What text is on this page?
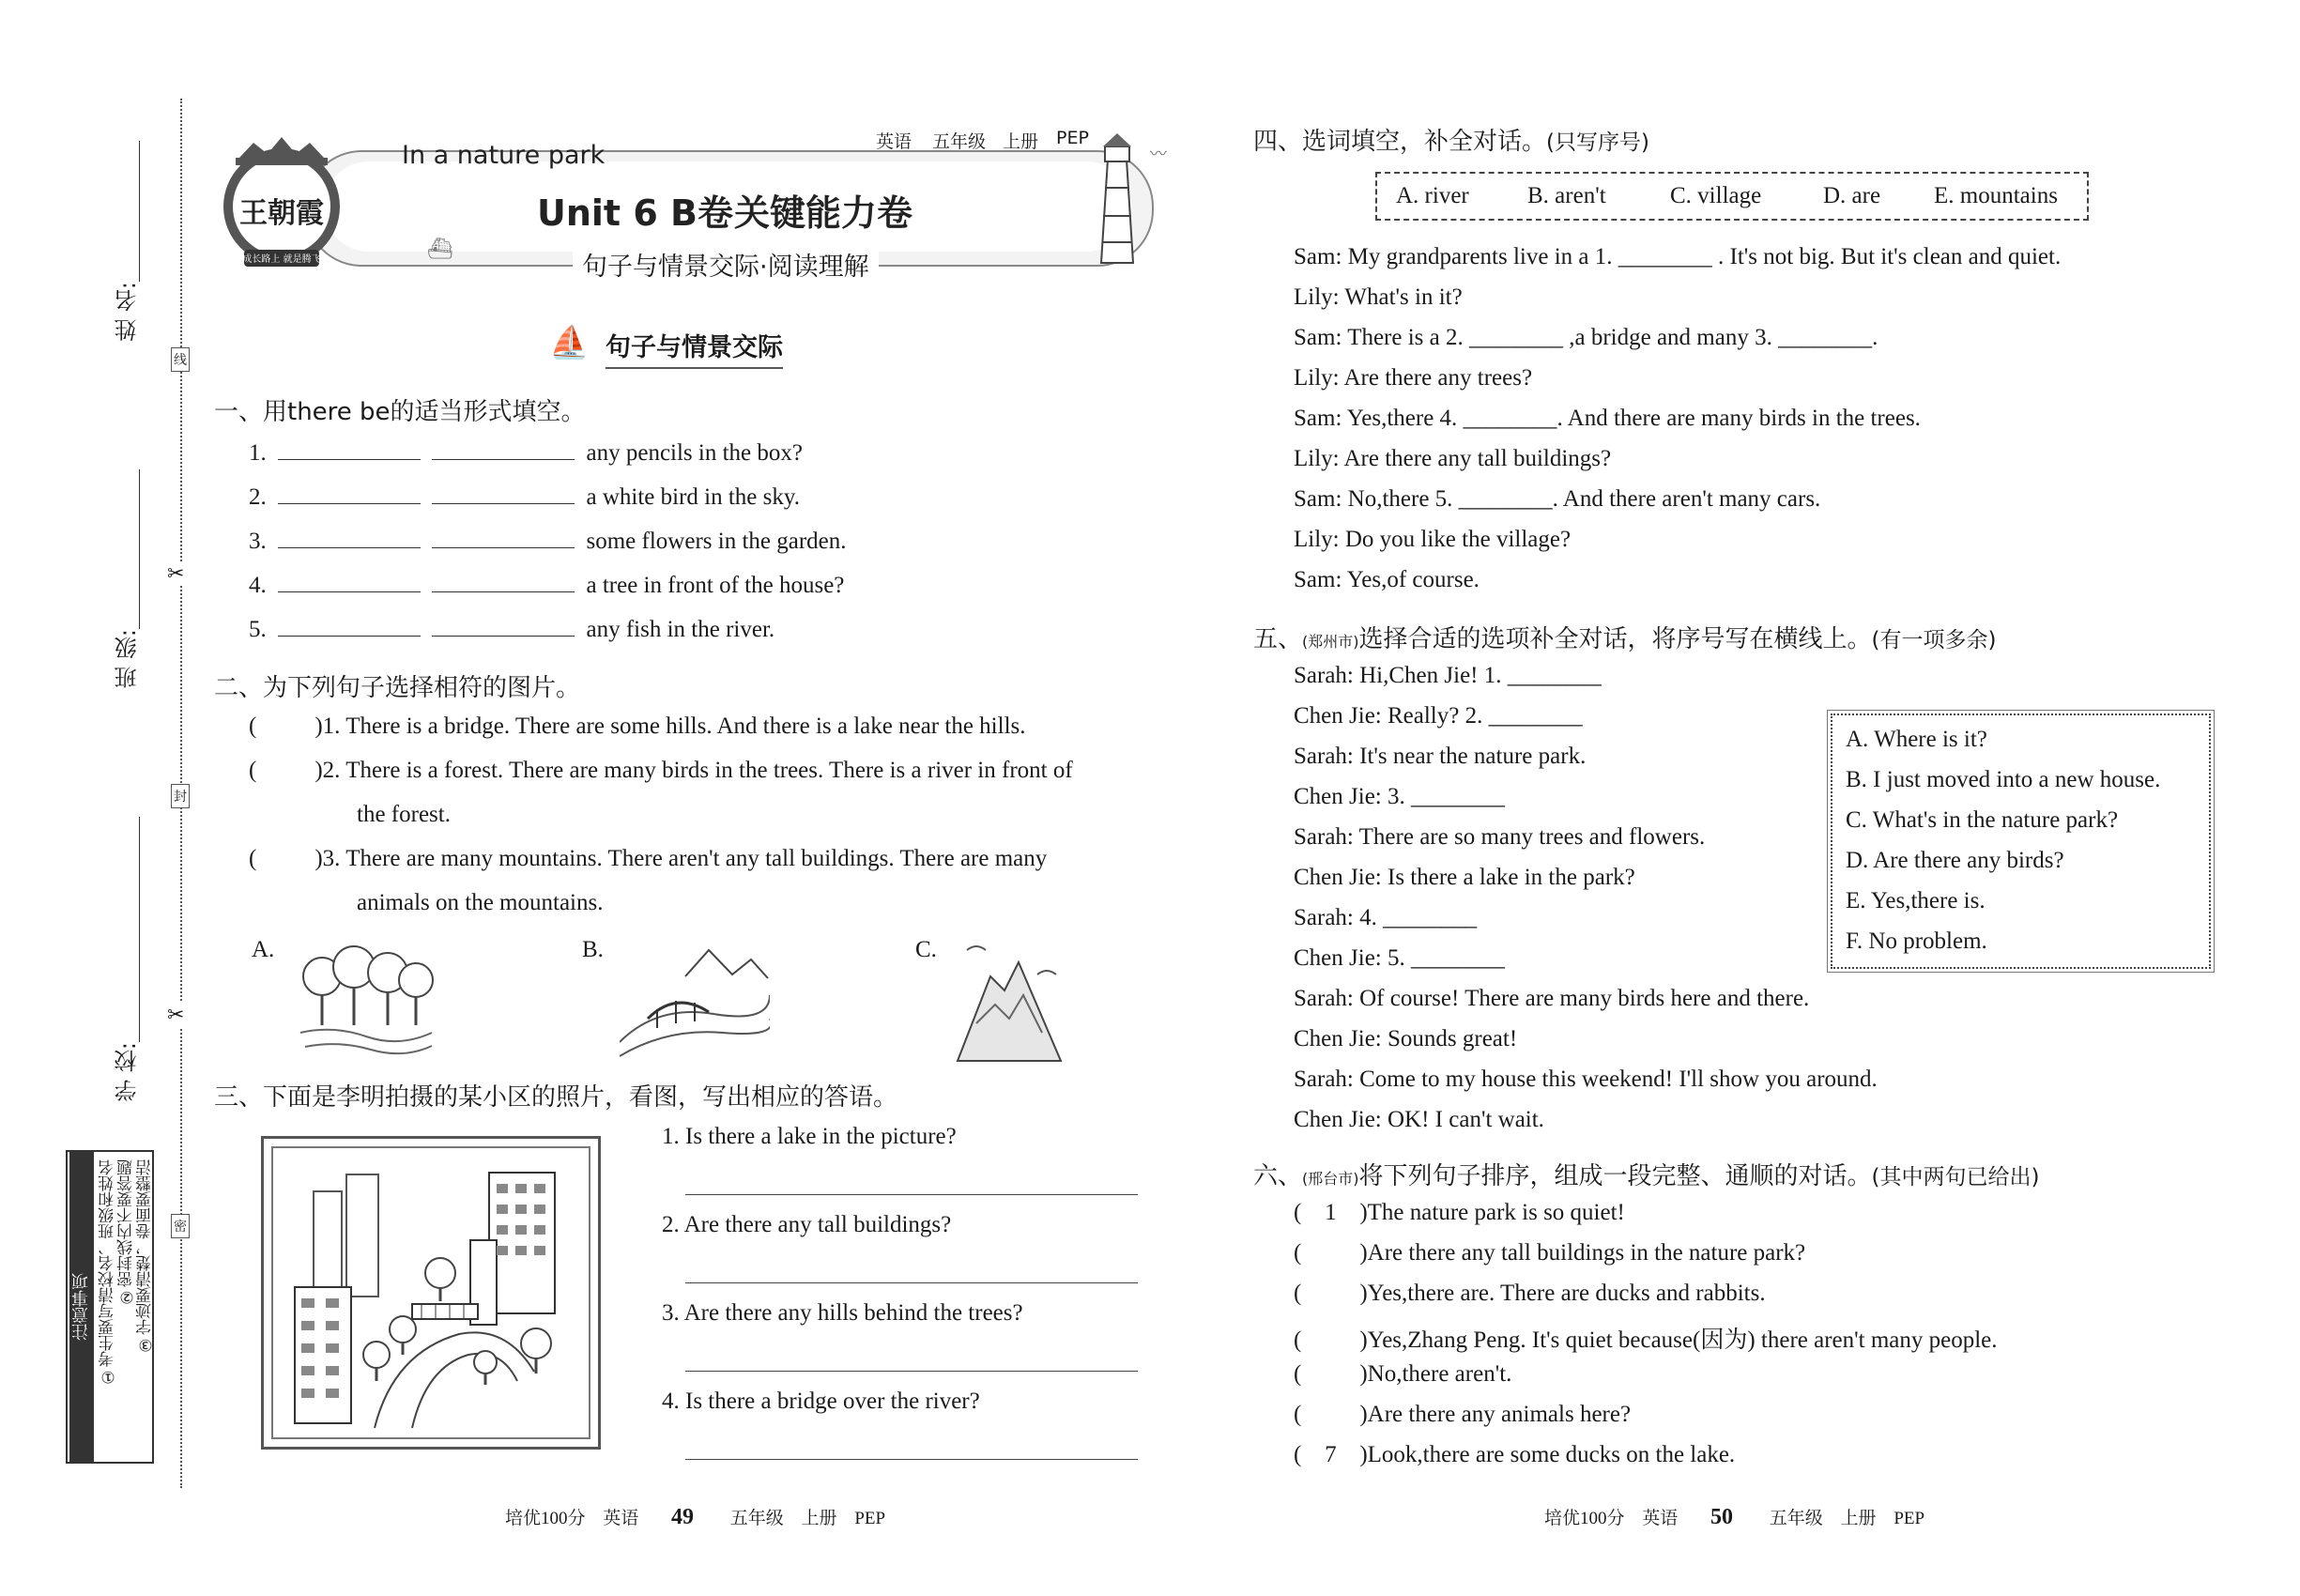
姓 名:
班 级:
学 校:
线
✂
封
✂
密
注意事项 ①考生要写清校名、班级和姓名 ②密封线内不要答题 ③字迹要清楚，卷面要整洁
王朝霞
成长路上 就是腾飞	⛴
〰
In a nature park	英语 五年级 上册 PEP
Unit 6 B卷 关键能力卷
句子与情景交际·阅读理解
⛵ 句子与情景交际
一、用there be的适当形式填空。
1.	any pencils in the box?
2.	a white bird in the sky.
3.	some flowers in the garden.
4.	a tree in front of the house?
5.	any fish in the river.
二、为下列句子选择相符的图片。
( )1. There is a bridge. There are some hills. And there is a lake near the hills.
( )2. There is a forest. There are many birds in the trees. There is a river in front of
the forest.
( )3. There are many mountains. There aren't any tall buildings. There are many
animals on the mountains.
A.	B.	C.
三、下面是李明拍摄的某小区的照片，看图，写出相应的答语。
1. Is there a lake in the picture?
2. Are there any tall buildings?
3. Are there any hills behind the trees?
4. Is there a bridge over the river?
培优100分 英语 49 五年级 上册 PEP
四、选词填空，补全对话。(只写序号)
A. river B. aren't	C. village	D. are E. mountains
Sam: My grandparents live in a 1. ________ . It's not big. But it's clean and quiet.
Lily: What's in it?
Sam: There is a 2. ________ ,a bridge and many 3. ________.
Lily: Are there any trees?
Sam: Yes,there 4. ________. And there are many birds in the trees.
Lily: Are there any tall buildings?
Sam: No,there 5. ________. And there aren't many cars.
Lily: Do you like the village?
Sam: Yes,of course.
五、(郑州市)选择合适的选项补全对话，将序号写在横线上。(有一项多余)
Sarah: Hi,Chen Jie! 1. ________
Chen Jie: Really? 2. ________
Sarah: It's near the nature park.
Chen Jie: 3. ________
Sarah: There are so many trees and flowers.
Chen Jie: Is there a lake in the park?
Sarah: 4. ________
Chen Jie: 5. ________
Sarah: Of course! There are many birds here and there.
Chen Jie: Sounds great!
Sarah: Come to my house this weekend! I'll show you around.
Chen Jie: OK! I can't wait.
A. Where is it?
B. I just moved into a new house.
C. What's in the nature park?
D. Are there any birds?
E. Yes,there is.
F. No problem.
六、(邢台市)将下列句子排序，组成一段完整、通顺的对话。(其中两句已给出)
( 1 )The nature park is so quiet!
( )Are there any tall buildings in the nature park?
( )Yes,there are. There are ducks and rabbits.
( )Yes,Zhang Peng. It's quiet because(因为) there aren't many people.
( )No,there aren't.
( )Are there any animals here?
( 7 )Look,there are some ducks on the lake.
培优100分 英语 50 五年级 上册 PEP
